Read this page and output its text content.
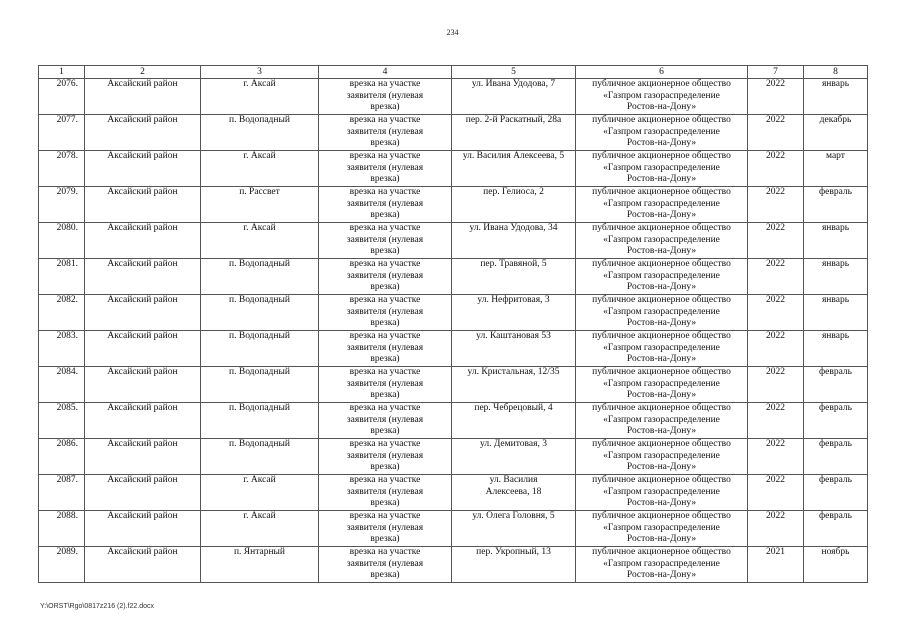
234
1	2	3	4	5	6	7	8
2076.	Аксайский район	г. Аксай	врезка на участке
заявителя (нулевая
врезка)	ул. Ивана Удодова, 7	публичное акционерное общество
«Газпром газораспределение
Ростов-на-Дону»	2022	январь
2077.	Аксайский район	п. Водопадный	врезка на участке
заявителя (нулевая
врезка)	пер. 2-й Раскатный, 28а	публичное акционерное общество
«Газпром газораспределение
Ростов-на-Дону»	2022	декабрь
2078.	Аксайский район	г. Аксай	врезка на участке
заявителя (нулевая
врезка)	ул. Василия Алексеева, 5	публичное акционерное общество
«Газпром газораспределение
Ростов-на-Дону»	2022	март
2079.	Аксайский район	п. Рассвет	врезка на участке
заявителя (нулевая
врезка)	пер. Гелиоса, 2	публичное акционерное общество
«Газпром газораспределение
Ростов-на-Дону»	2022	февраль
2080.	Аксайский район	г. Аксай	врезка на участке
заявителя (нулевая
врезка)	ул. Ивана Удодова, 34	публичное акционерное общество
«Газпром газораспределение
Ростов-на-Дону»	2022	январь
2081.	Аксайский район	п. Водопадный	врезка на участке
заявителя (нулевая
врезка)	пер. Травяной, 5	публичное акционерное общество
«Газпром газораспределение
Ростов-на-Дону»	2022	январь
2082.	Аксайский район	п. Водопадный	врезка на участке
заявителя (нулевая
врезка)	ул. Нефритовая, 3	публичное акционерное общество
«Газпром газораспределение
Ростов-на-Дону»	2022	январь
2083.	Аксайский район	п. Водопадный	врезка на участке
заявителя (нулевая
врезка)	ул. Каштановая 53	публичное акционерное общество
«Газпром газораспределение
Ростов-на-Дону»	2022	январь
2084.	Аксайский район	п. Водопадный	врезка на участке
заявителя (нулевая
врезка)	ул. Кристальная, 12/35	публичное акционерное общество
«Газпром газораспределение
Ростов-на-Дону»	2022	февраль
2085.	Аксайский район	п. Водопадный	врезка на участке
заявителя (нулевая
врезка)	пер. Чебрецовый, 4	публичное акционерное общество
«Газпром газораспределение
Ростов-на-Дону»	2022	февраль
2086.	Аксайский район	п. Водопадный	врезка на участке
заявителя (нулевая
врезка)	ул. Демитовая, 3	публичное акционерное общество
«Газпром газораспределение
Ростов-на-Дону»	2022	февраль
2087.	Аксайский район	г. Аксай	врезка на участке
заявителя (нулевая
врезка)	ул. Василия
Алексеева, 18	публичное акционерное общество
«Газпром газораспределение
Ростов-на-Дону»	2022	февраль
2088.	Аксайский район	г. Аксай	врезка на участке
заявителя (нулевая
врезка)	ул. Олега Головня, 5	публичное акционерное общество
«Газпром газораспределение
Ростов-на-Дону»	2022	февраль
2089.	Аксайский район	п. Янтарный	врезка на участке
заявителя (нулевая
врезка)	пер. Укропный, 13	публичное акционерное общество
«Газпром газораспределение
Ростов-на-Дону»	2021	ноябрь
Y:\ORST\Rgo\0817z216 (2).f22.docx
